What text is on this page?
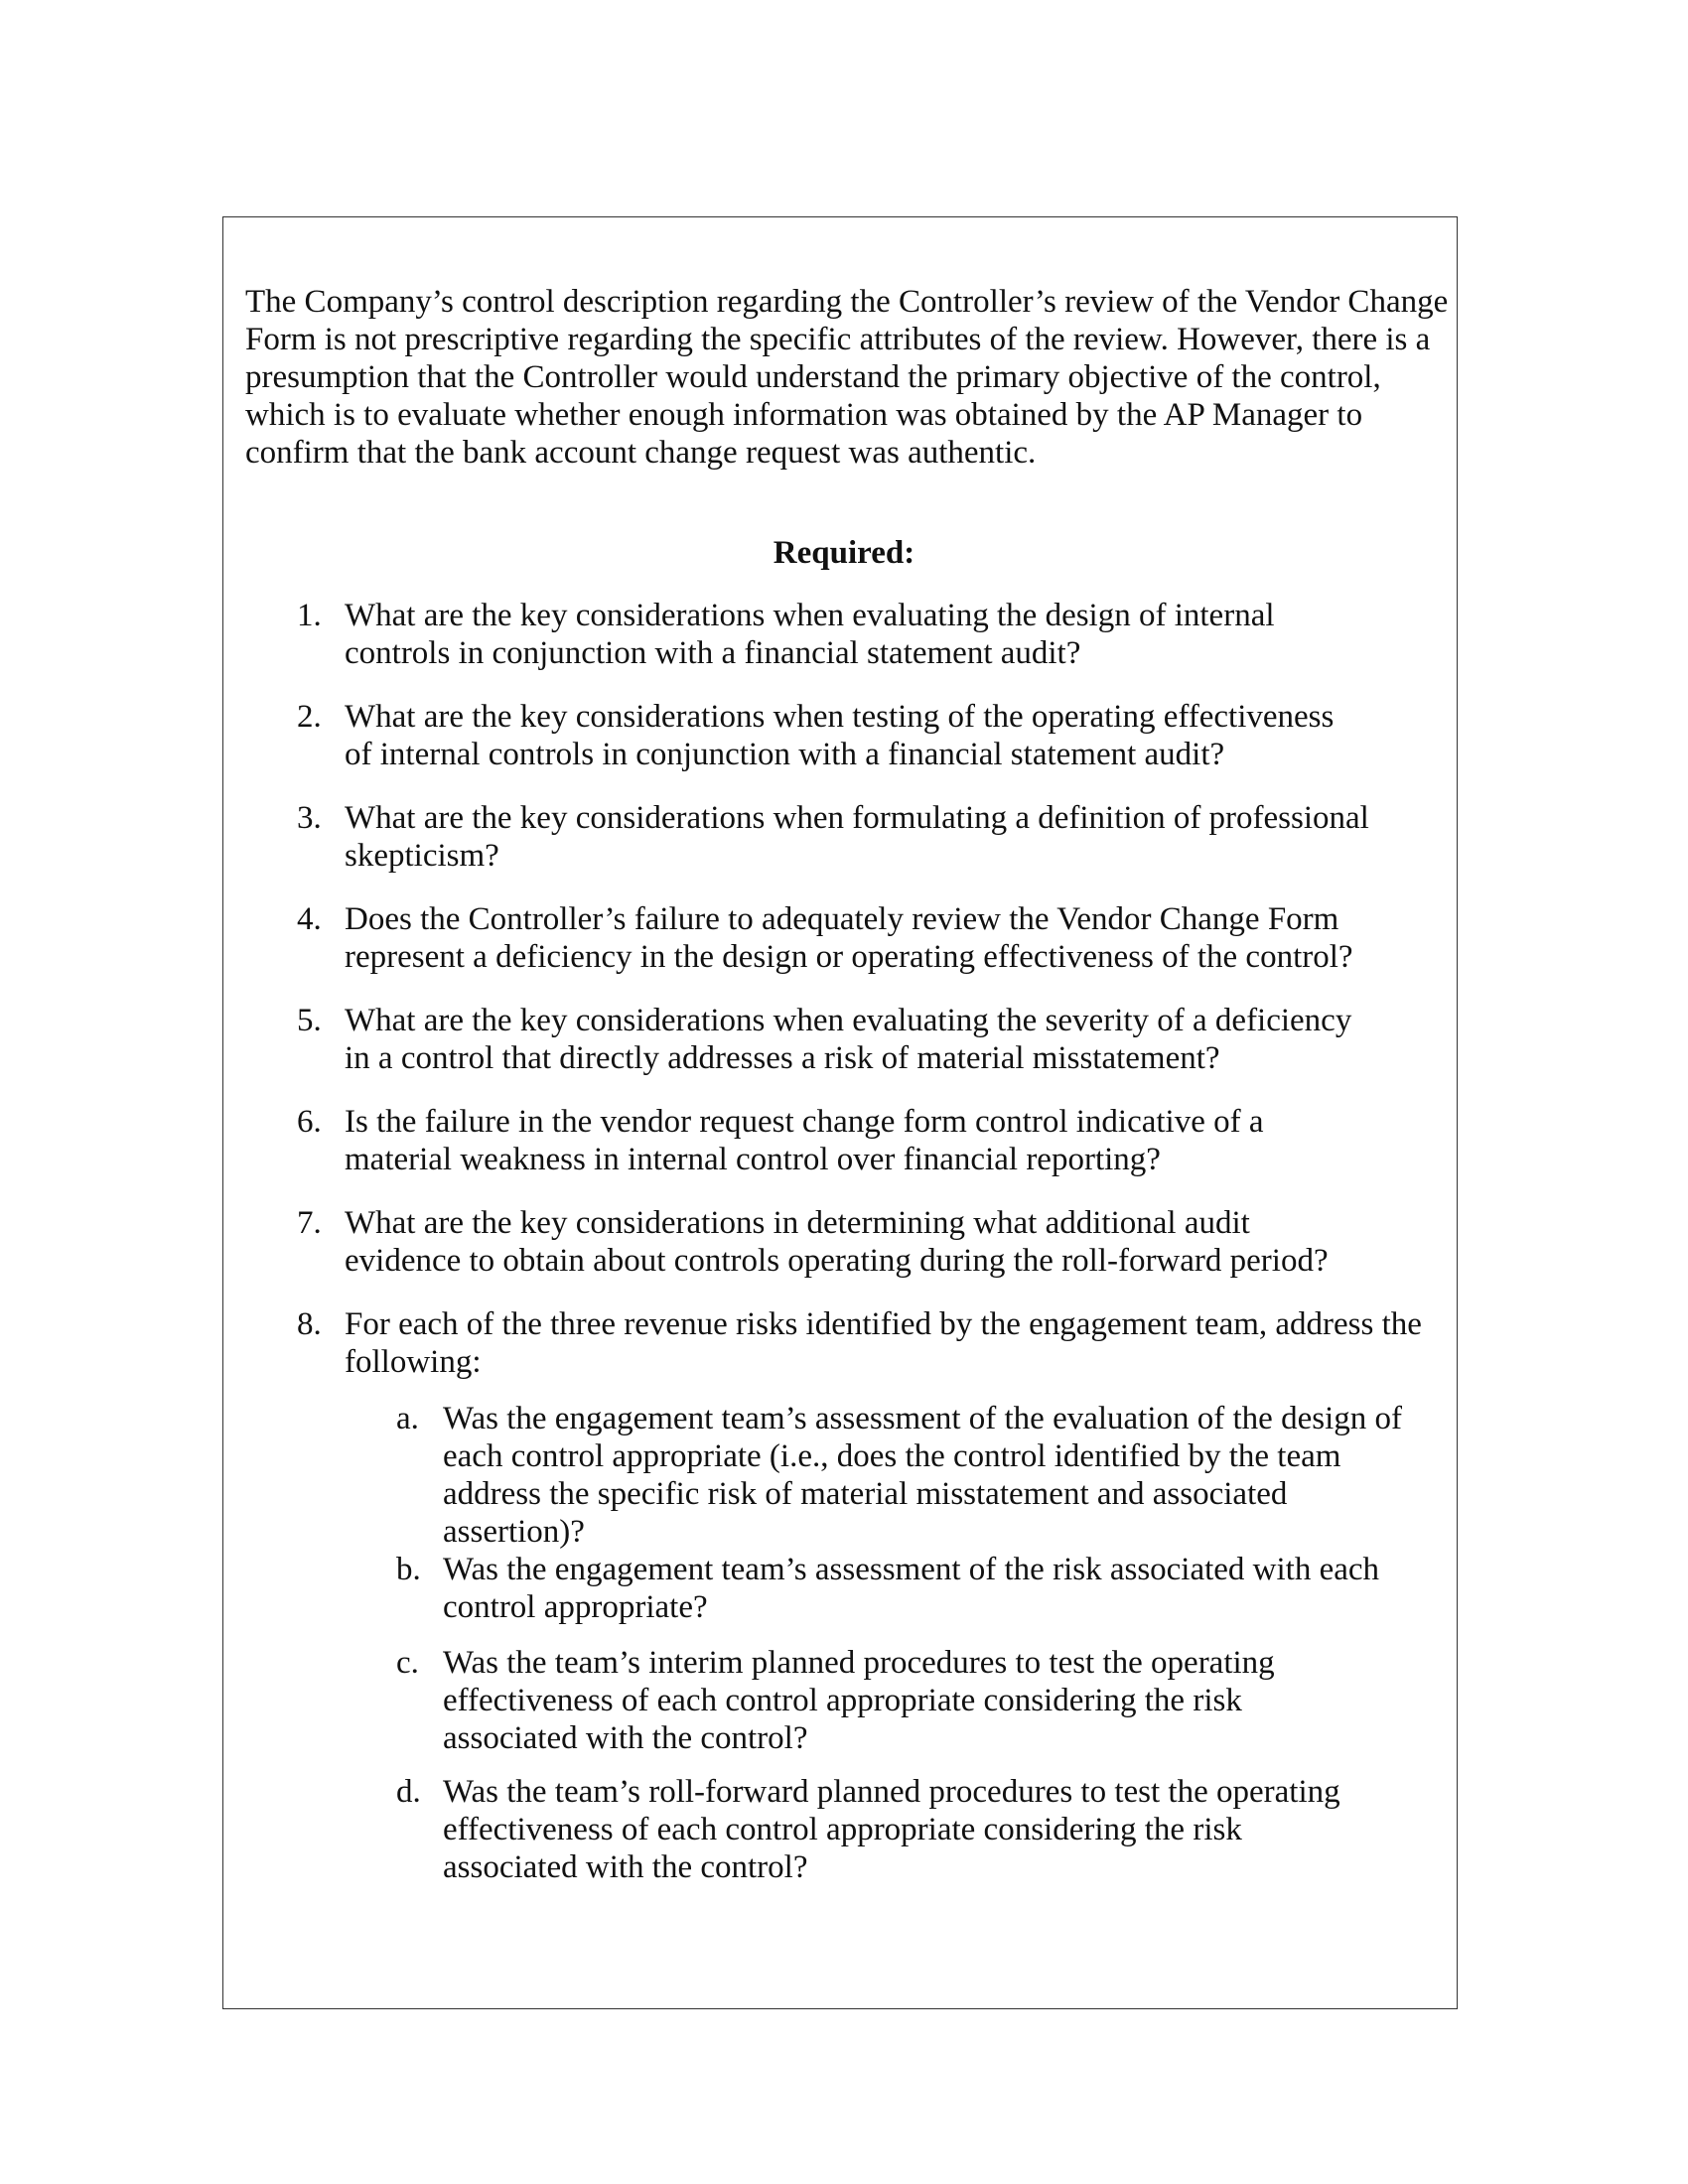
The Company’s control description regarding the Controller’s review of the Vendor Change
Form is not prescriptive regarding the specific attributes of the review. However, there is a
presumption that the Controller would understand the primary objective of the control,
which is to evaluate whether enough information was obtained by the AP Manager to
confirm that the bank account change request was authentic.
Required:
1. What are the key considerations when evaluating the design of internal
controls in conjunction with a financial statement audit?
2. What are the key considerations when testing of the operating effectiveness
of internal controls in conjunction with a financial statement audit?
3. What are the key considerations when formulating a definition of professional
skepticism?
4. Does the Controller’s failure to adequately review the Vendor Change Form
represent a deficiency in the design or operating effectiveness of the control?
5. What are the key considerations when evaluating the severity of a deficiency
in a control that directly addresses a risk of material misstatement?
6. Is the failure in the vendor request change form control indicative of a
material weakness in internal control over financial reporting?
7. What are the key considerations in determining what additional audit
evidence to obtain about controls operating during the roll-forward period?
8. For each of the three revenue risks identified by the engagement team, address the
following:
a. Was the engagement team’s assessment of the evaluation of the design of
each control appropriate (i.e., does the control identified by the team
address the specific risk of material misstatement and associated
assertion)?
b. Was the engagement team’s assessment of the risk associated with each
control appropriate?
c. Was the team’s interim planned procedures to test the operating
effectiveness of each control appropriate considering the risk
associated with the control?
d. Was the team’s roll-forward planned procedures to test the operating
effectiveness of each control appropriate considering the risk
associated with the control?
